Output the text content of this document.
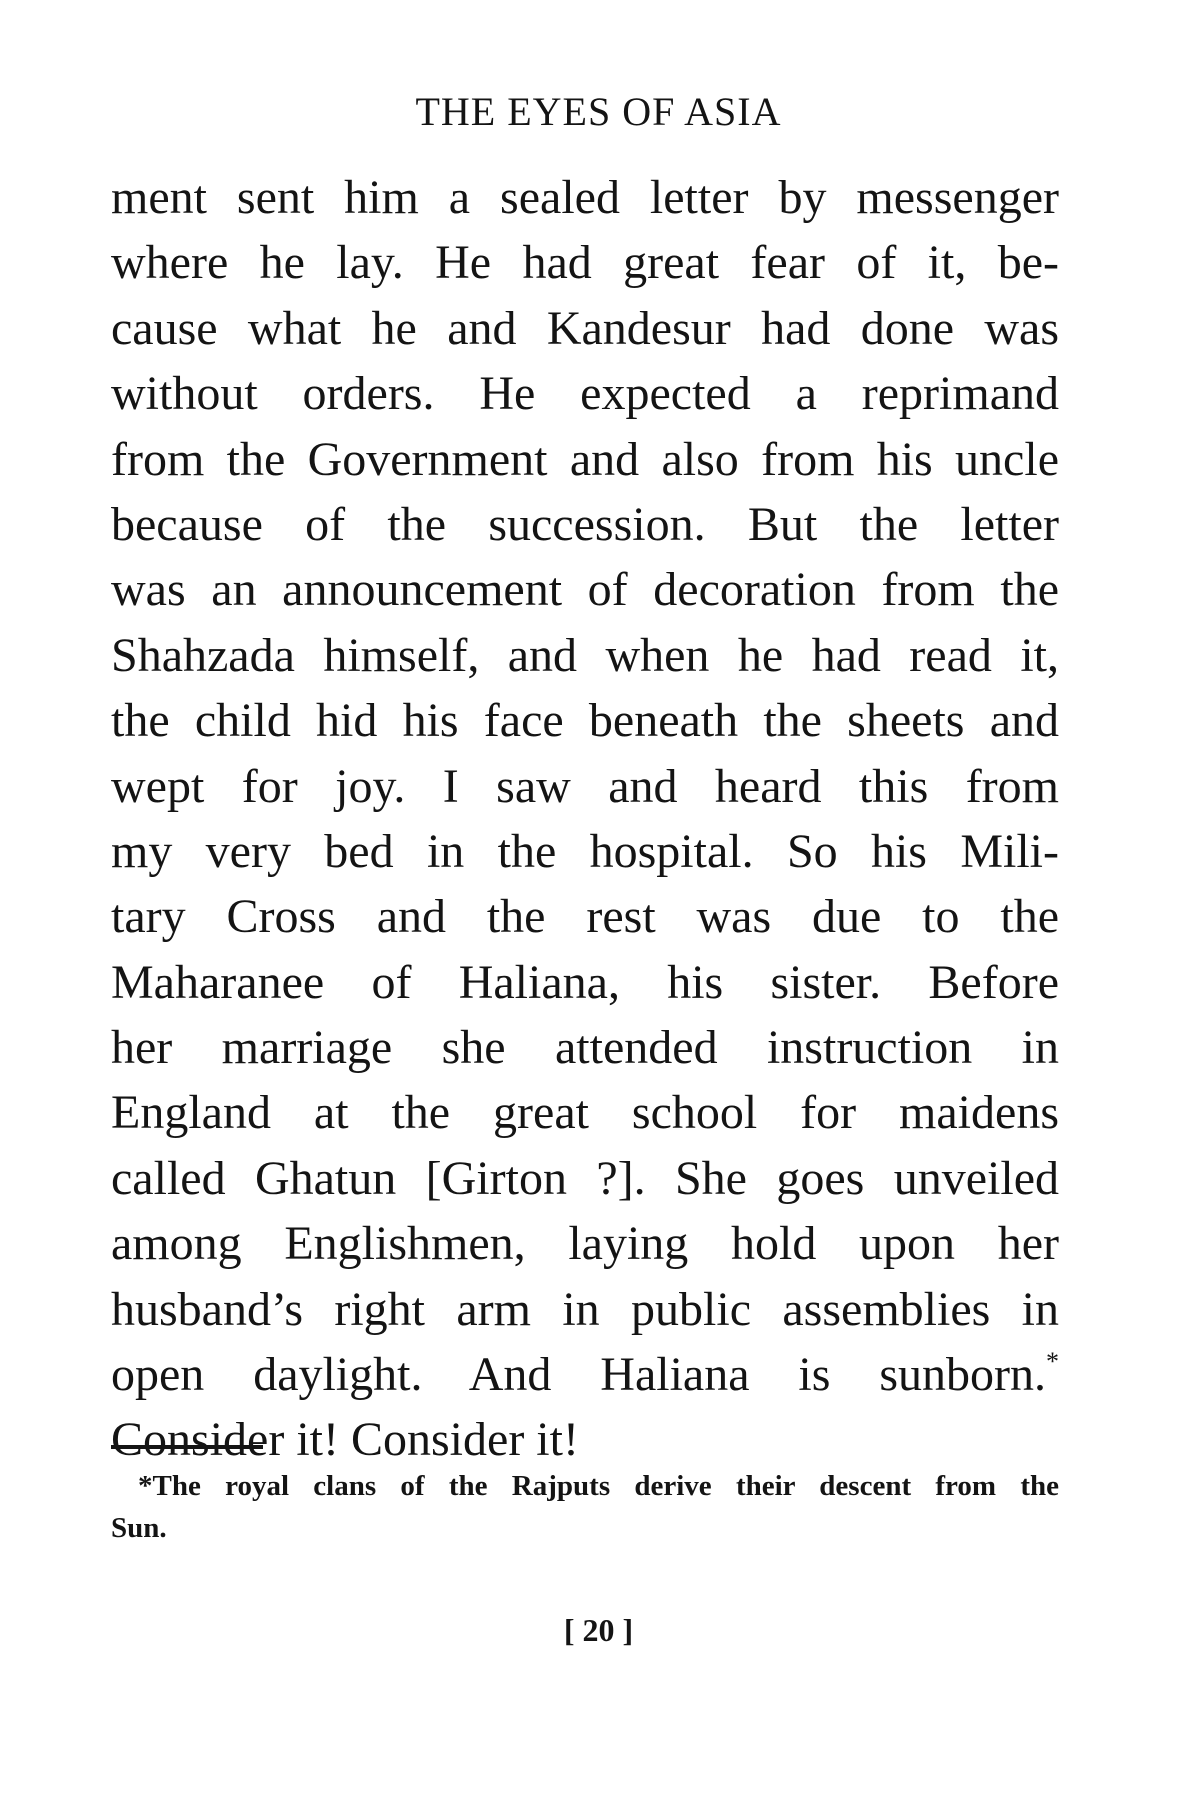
THE EYES OF ASIA
ment sent him a sealed letter by messenger
where he lay. He had great fear of it, be-
cause what he and Kandesur had done was
without orders. He expected a reprimand
from the Government and also from his uncle
because of the succession. But the letter
was an announcement of decoration from the
Shahzada himself, and when he had read it,
the child hid his face beneath the sheets and
wept for joy. I saw and heard this from
my very bed in the hospital. So his Mili-
tary Cross and the rest was due to the
Maharanee of Haliana, his sister. Before
her marriage she attended instruction in
England at the great school for maidens
called Ghatun [Girton ?]. She goes unveiled
among Englishmen, laying hold upon her
husband’s right arm in public assemblies in
open daylight. And Haliana is sunborn.*
Consider it! Consider it!
*The royal clans of the Rajputs derive their descent from the
Sun.
[ 20 ]
